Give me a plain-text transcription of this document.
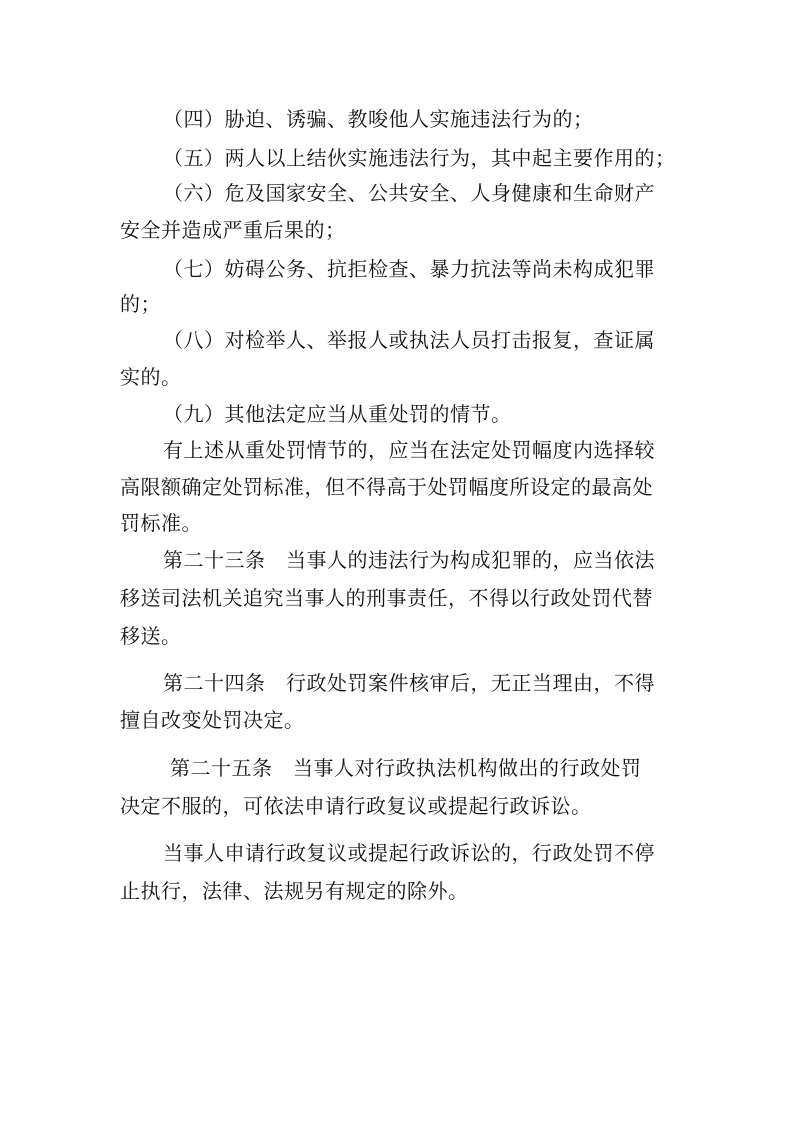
（四）胁迫、诱骗、教唆他人实施违法行为的；
（五）两人以上结伙实施违法行为，其中起主要作用的；
（六）危及国家安全、公共安全、人身健康和生命财产
安全并造成严重后果的；
（七）妨碍公务、抗拒检查、暴力抗法等尚未构成犯罪
的；
（八）对检举人、举报人或执法人员打击报复，查证属
实的。
（九）其他法定应当从重处罚的情节。
有上述从重处罚情节的，应当在法定处罚幅度内选择较
高限额确定处罚标准，但不得高于处罚幅度所设定的最高处
罚标准。
第二十三条　当事人的违法行为构成犯罪的，应当依法
移送司法机关追究当事人的刑事责任，不得以行政处罚代替
移送。
第二十四条　行政处罚案件核审后，无正当理由，不得
擅自改变处罚决定。
第二十五条　当事人对行政执法机构做出的行政处罚
决定不服的，可依法申请行政复议或提起行政诉讼。
当事人申请行政复议或提起行政诉讼的，行政处罚不停
止执行，法律、法规另有规定的除外。
